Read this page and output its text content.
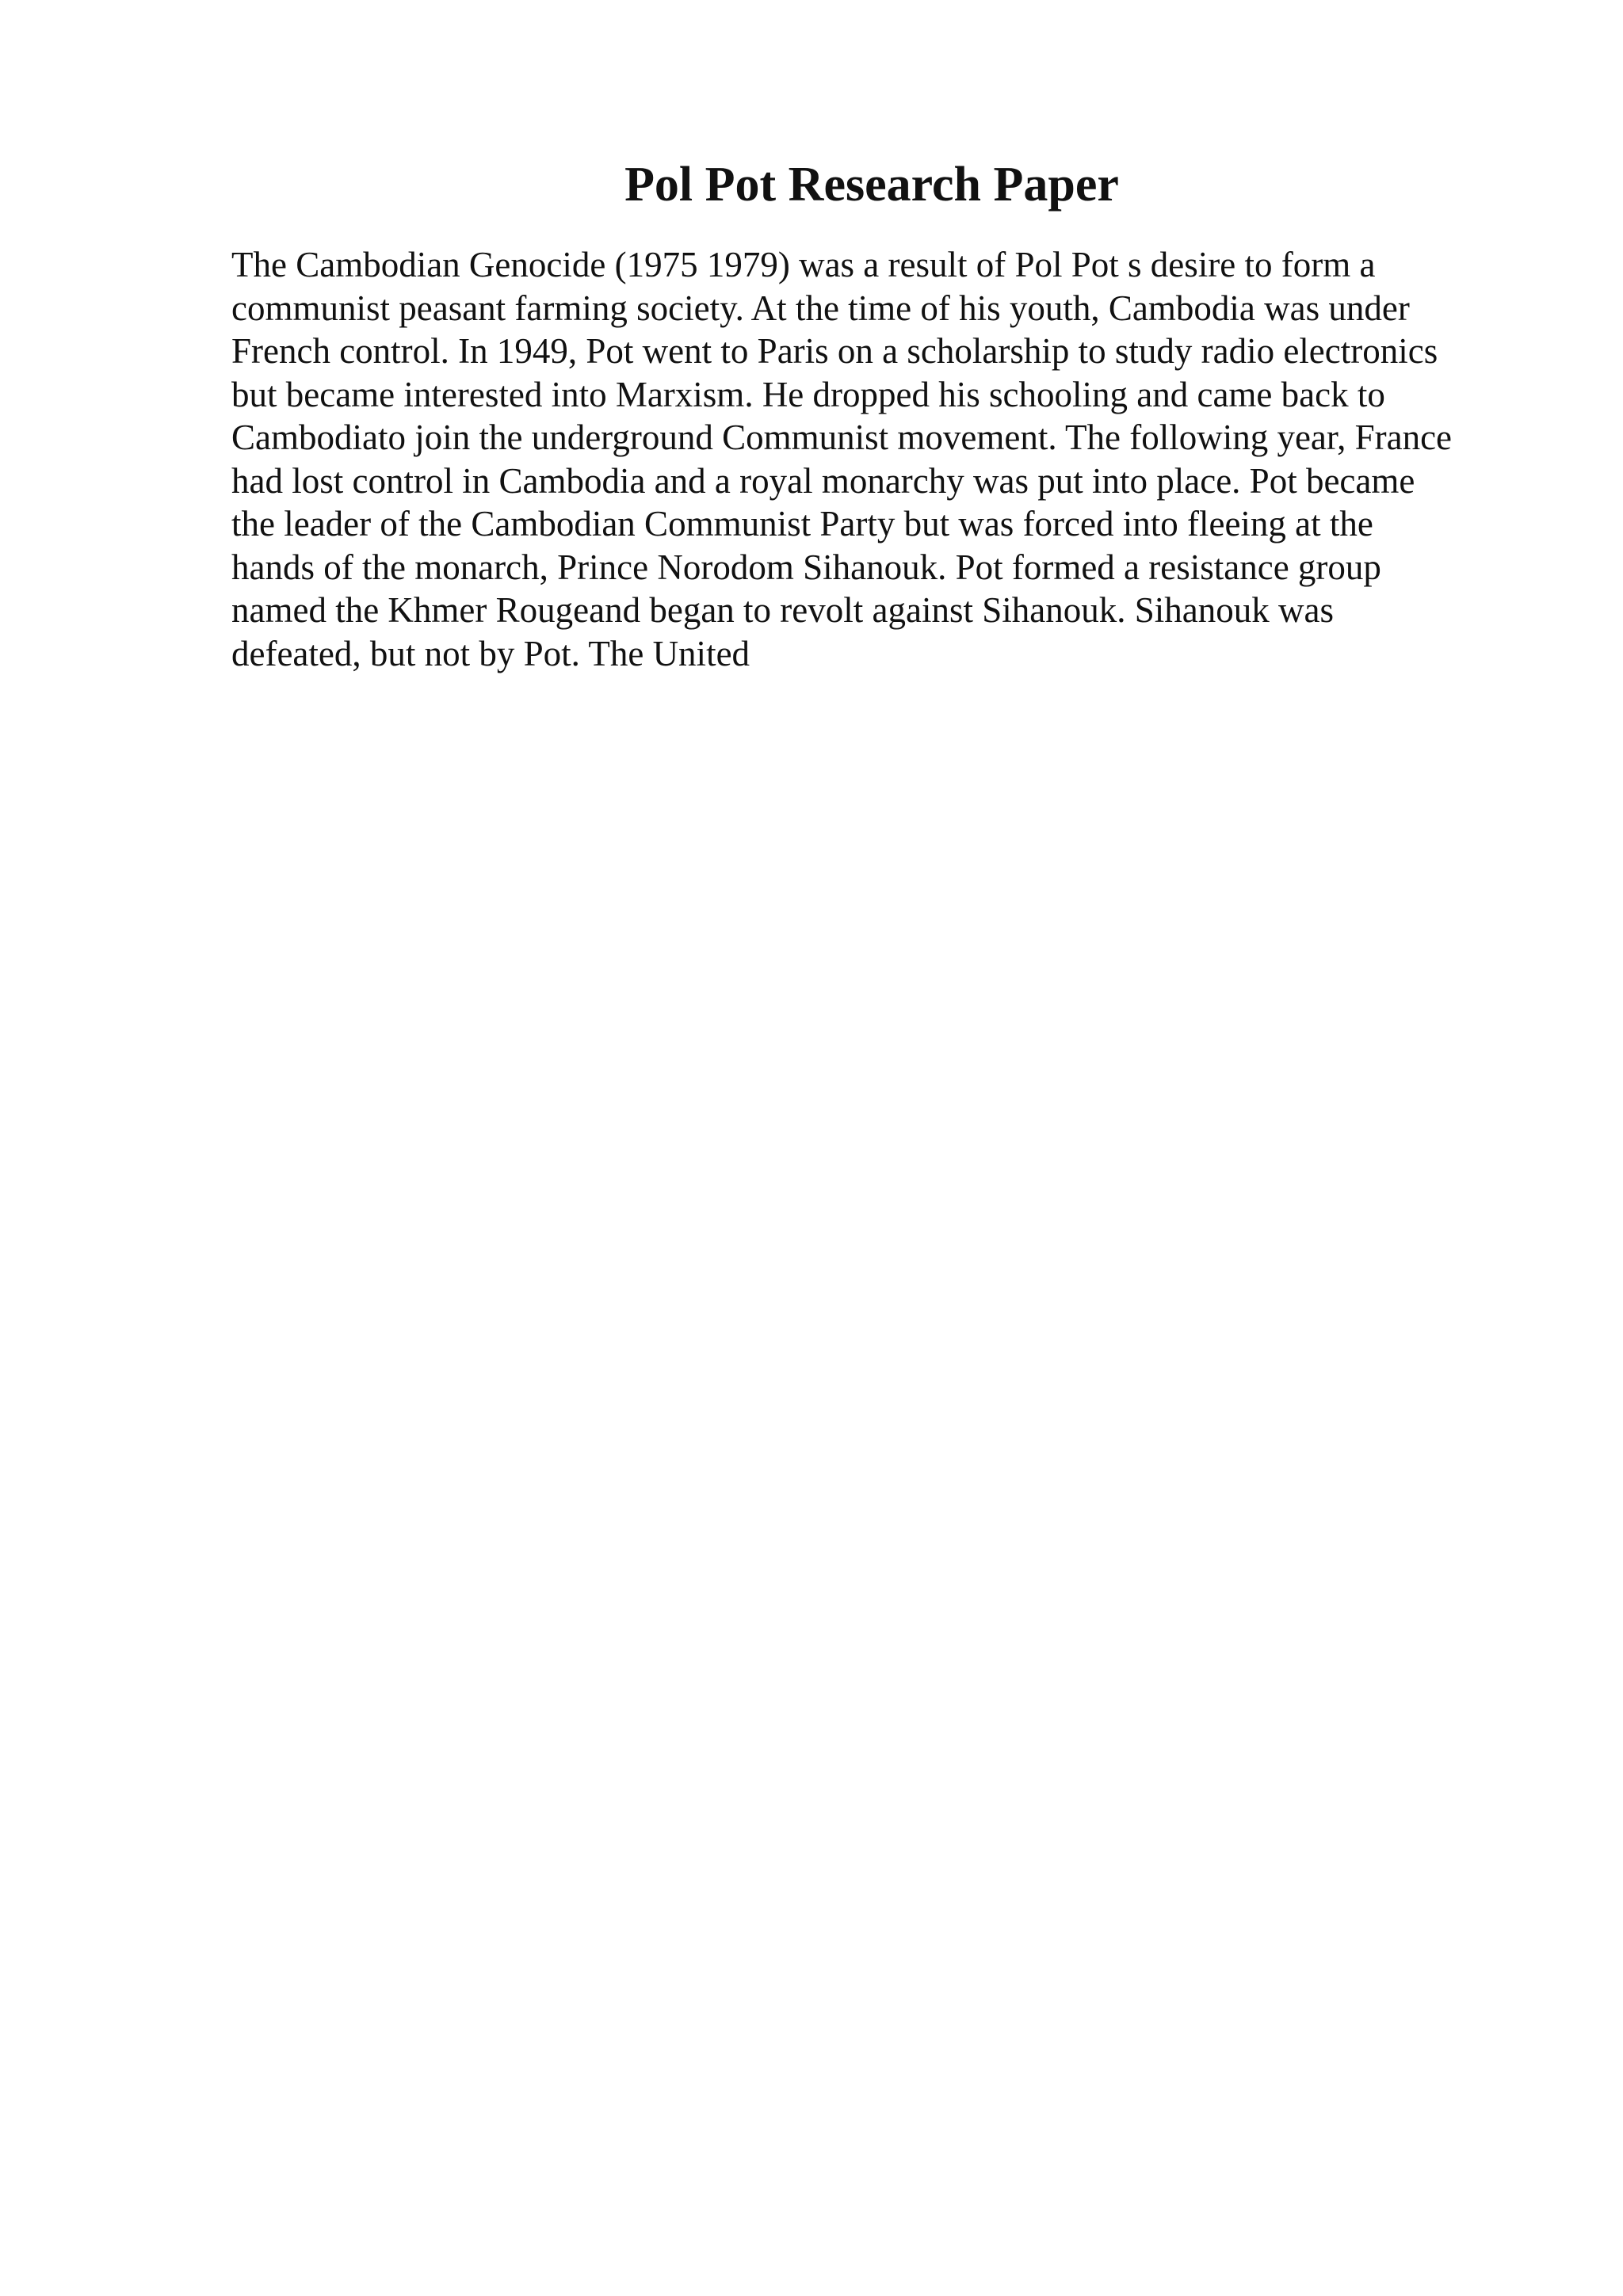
Pol Pot Research Paper

The Cambodian Genocide (1975 1979) was a result of Pol Pot s desire to form a
communist peasant farming society. At the time of his youth, Cambodia was under
French control. In 1949, Pot went to Paris on a scholarship to study radio electronics
but became interested into Marxism. He dropped his schooling and came back to
Cambodiato join the underground Communist movement. The following year, France
had lost control in Cambodia and a royal monarchy was put into place. Pot became
the leader of the Cambodian Communist Party but was forced into fleeing at the
hands of the monarch, Prince Norodom Sihanouk. Pot formed a resistance group
named the Khmer Rougeand began to revolt against Sihanouk. Sihanouk was
defeated, but not by Pot. The United
